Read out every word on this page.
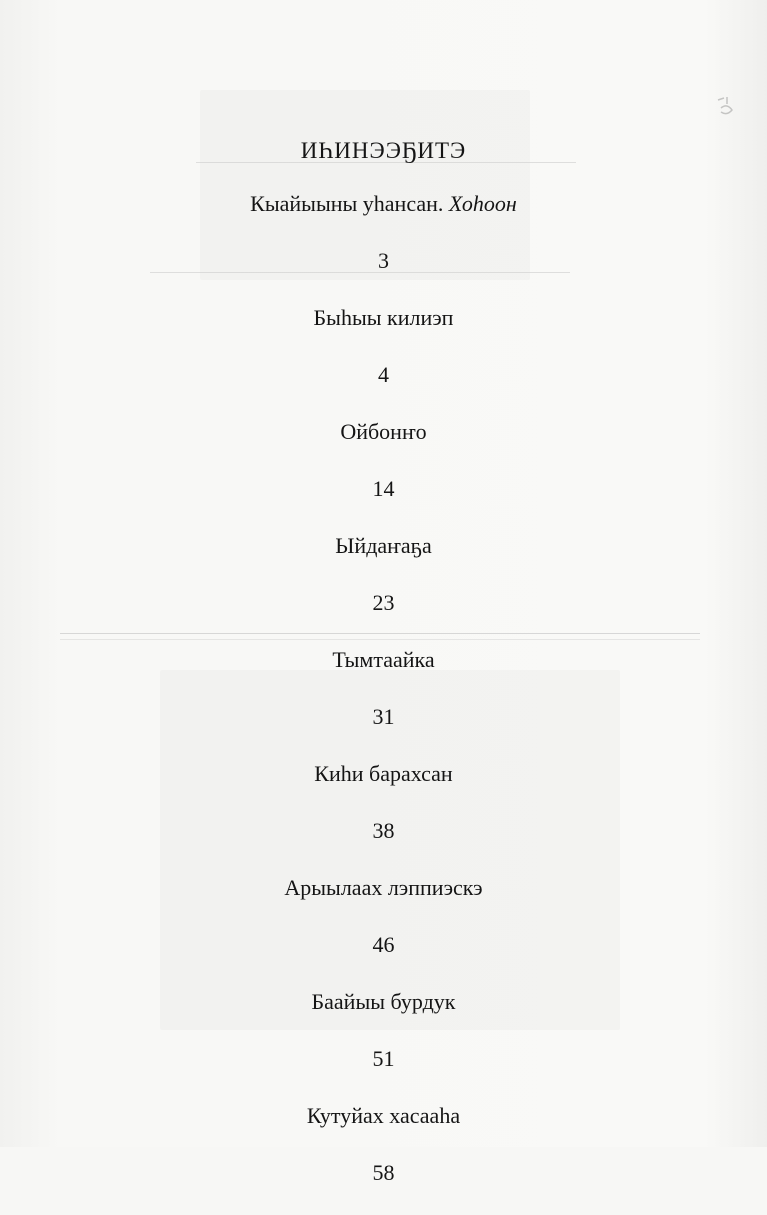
ИҺИНЭЭҔИТЭ
Кыайыыны уһансан. Хоһоон
3
Быһыы килиэп
4
Ойбонҥо
14
Ыйдаҥаҕа
23
Тымтаайка
31
Киһи барахсан
38
Арыылаах лэппиэскэ
46
Баайыы бурдук
51
Кутуйах хасааһа
58
